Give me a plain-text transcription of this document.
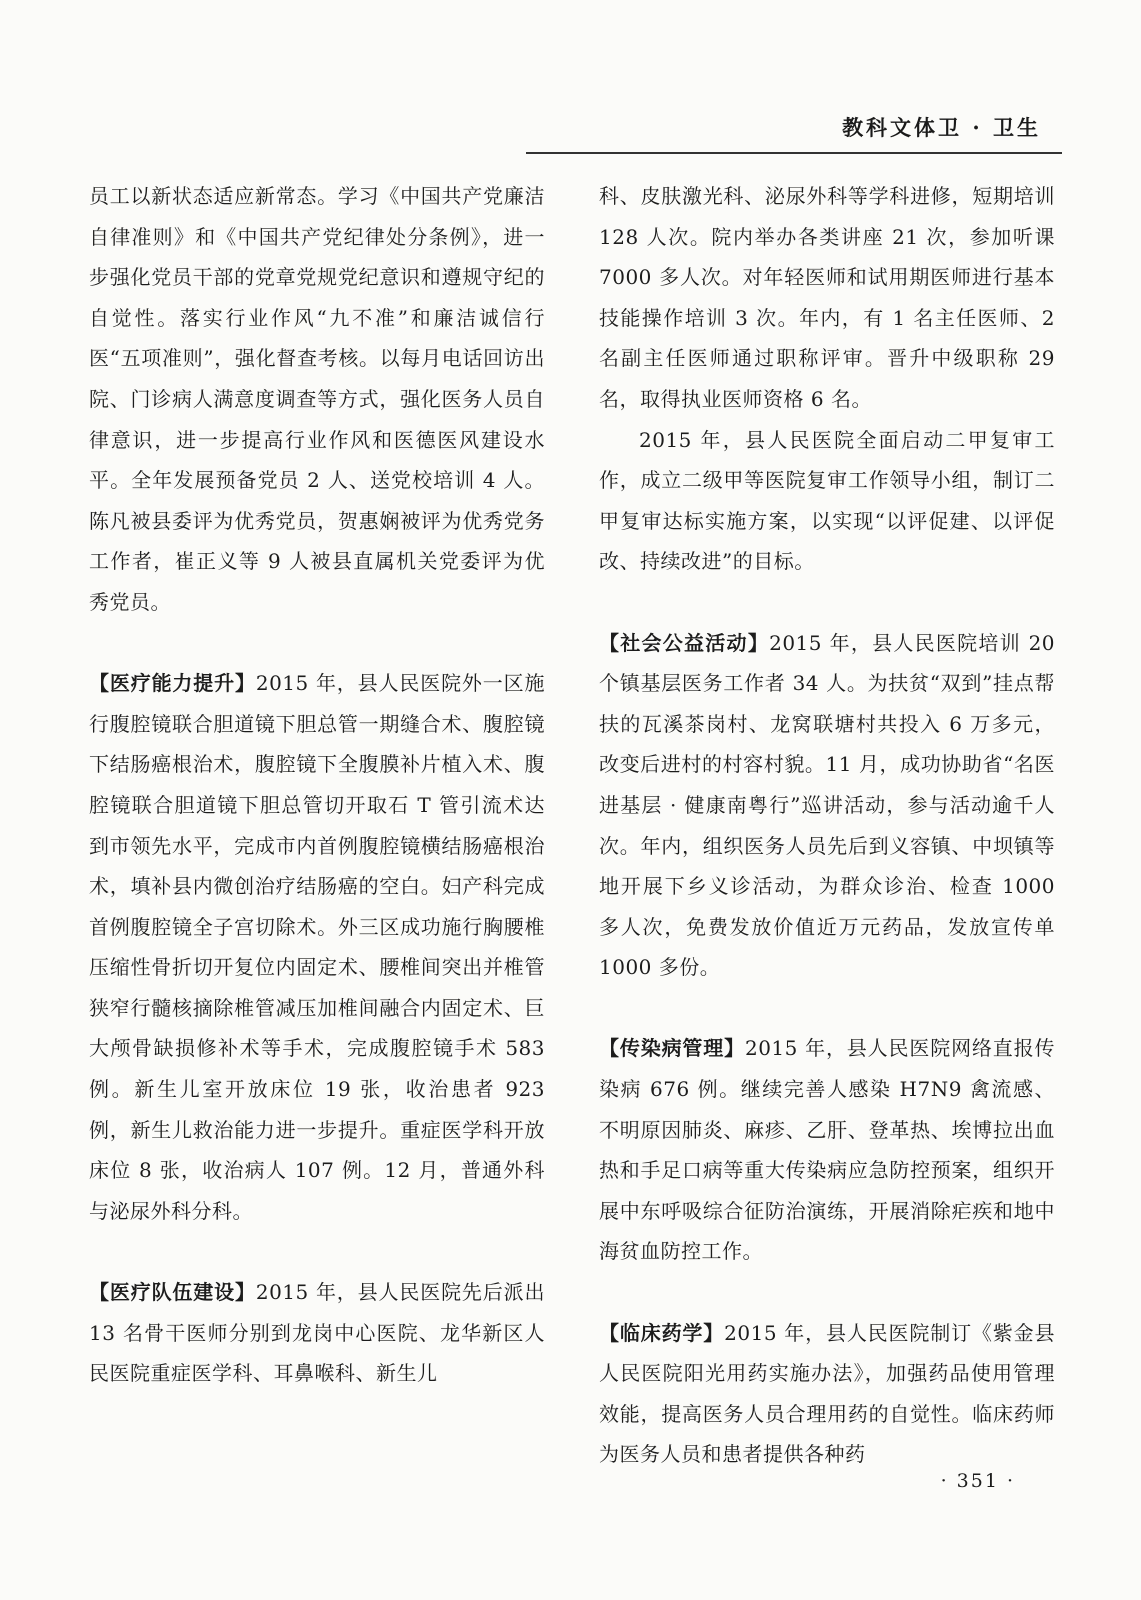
教科文体卫 · 卫生

员工以新状态适应新常态。学习《中国共产党廉洁自律准则》和《中国共产党纪律处分条例》，进一步强化党员干部的党章党规党纪意识和遵规守纪的自觉性。落实行业作风“九不准”和廉洁诚信行医“五项准则”，强化督查考核。以每月电话回访出院、门诊病人满意度调查等方式，强化医务人员自律意识，进一步提高行业作风和医德医风建设水平。全年发展预备党员 2 人、送党校培训 4 人。陈凡被县委评为优秀党员，贺惠娴被评为优秀党务工作者，崔正义等 9 人被县直属机关党委评为优秀党员。

【医疗能力提升】2015 年，县人民医院外一区施行腹腔镜联合胆道镜下胆总管一期缝合术、腹腔镜下结肠癌根治术，腹腔镜下全腹膜补片植入术、腹腔镜联合胆道镜下胆总管切开取石 T 管引流术达到市领先水平，完成市内首例腹腔镜横结肠癌根治术，填补县内微创治疗结肠癌的空白。妇产科完成首例腹腔镜全子宫切除术。外三区成功施行胸腰椎压缩性骨折切开复位内固定术、腰椎间突出并椎管狭窄行髓核摘除椎管减压加椎间融合内固定术、巨大颅骨缺损修补术等手术，完成腹腔镜手术 583 例。新生儿室开放床位 19 张，收治患者 923 例，新生儿救治能力进一步提升。重症医学科开放床位 8 张，收治病人 107 例。12 月，普通外科与泌尿外科分科。

【医疗队伍建设】2015 年，县人民医院先后派出 13 名骨干医师分别到龙岗中心医院、龙华新区人民医院重症医学科、耳鼻喉科、新生儿

科、皮肤激光科、泌尿外科等学科进修，短期培训 128 人次。院内举办各类讲座 21 次，参加听课 7000 多人次。对年轻医师和试用期医师进行基本技能操作培训 3 次。年内，有 1 名主任医师、2 名副主任医师通过职称评审。晋升中级职称 29 名，取得执业医师资格 6 名。

2015 年，县人民医院全面启动二甲复审工作，成立二级甲等医院复审工作领导小组，制订二甲复审达标实施方案，以实现“以评促建、以评促改、持续改进”的目标。

【社会公益活动】2015 年，县人民医院培训 20 个镇基层医务工作者 34 人。为扶贫“双到”挂点帮扶的瓦溪茶岗村、龙窝联塘村共投入 6 万多元，改变后进村的村容村貌。11 月，成功协助省“名医进基层 · 健康南粤行”巡讲活动，参与活动逾千人次。年内，组织医务人员先后到义容镇、中坝镇等地开展下乡义诊活动，为群众诊治、检查 1000 多人次，免费发放价值近万元药品，发放宣传单 1000 多份。

【传染病管理】2015 年，县人民医院网络直报传染病 676 例。继续完善人感染 H7N9 禽流感、不明原因肺炎、麻疹、乙肝、登革热、埃博拉出血热和手足口病等重大传染病应急防控预案，组织开展中东呼吸综合征防治演练，开展消除疟疾和地中海贫血防控工作。

【临床药学】2015 年，县人民医院制订《紫金县人民医院阳光用药实施办法》，加强药品使用管理效能，提高医务人员合理用药的自觉性。临床药师为医务人员和患者提供各种药

· 351 ·
